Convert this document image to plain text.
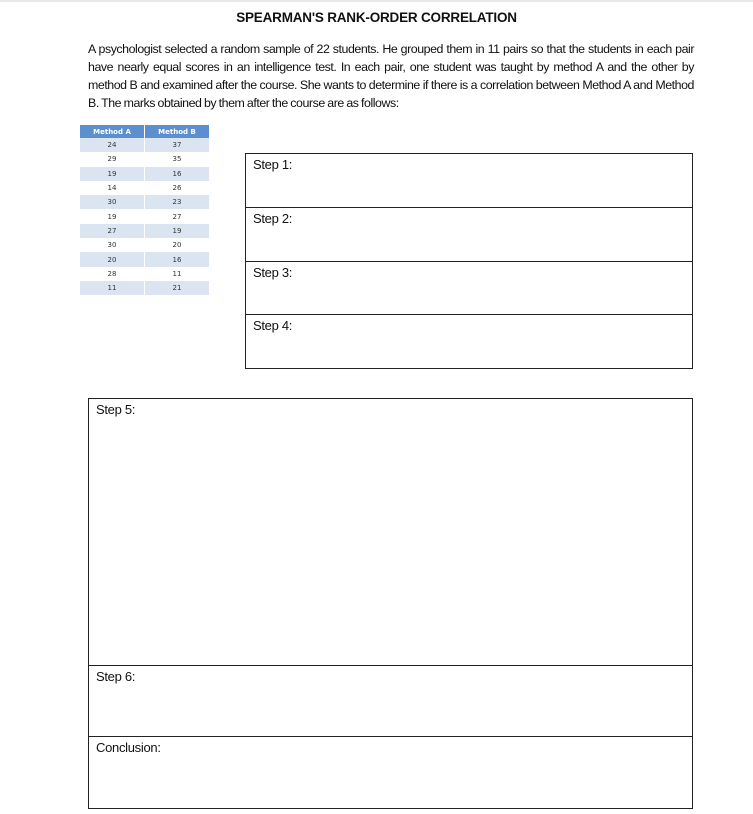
SPEARMAN'S RANK-ORDER CORRELATION
A psychologist selected a random sample of 22 students. He grouped them in 11 pairs so that the students in each pair have nearly equal scores in an intelligence test. In each pair, one student was taught by method A and the other by method B and examined after the course. She wants to determine if there is a correlation between Method A and Method B. The marks obtained by them after the course are as follows:
Method A	Method B
24	37
29	35
19	16
14	26
30	23
19	27
27	19
30	20
20	16
28	11
11	21
Step 1:
Step 2:
Step 3:
Step 4:
Step 5:
Step 6:
Conclusion:
